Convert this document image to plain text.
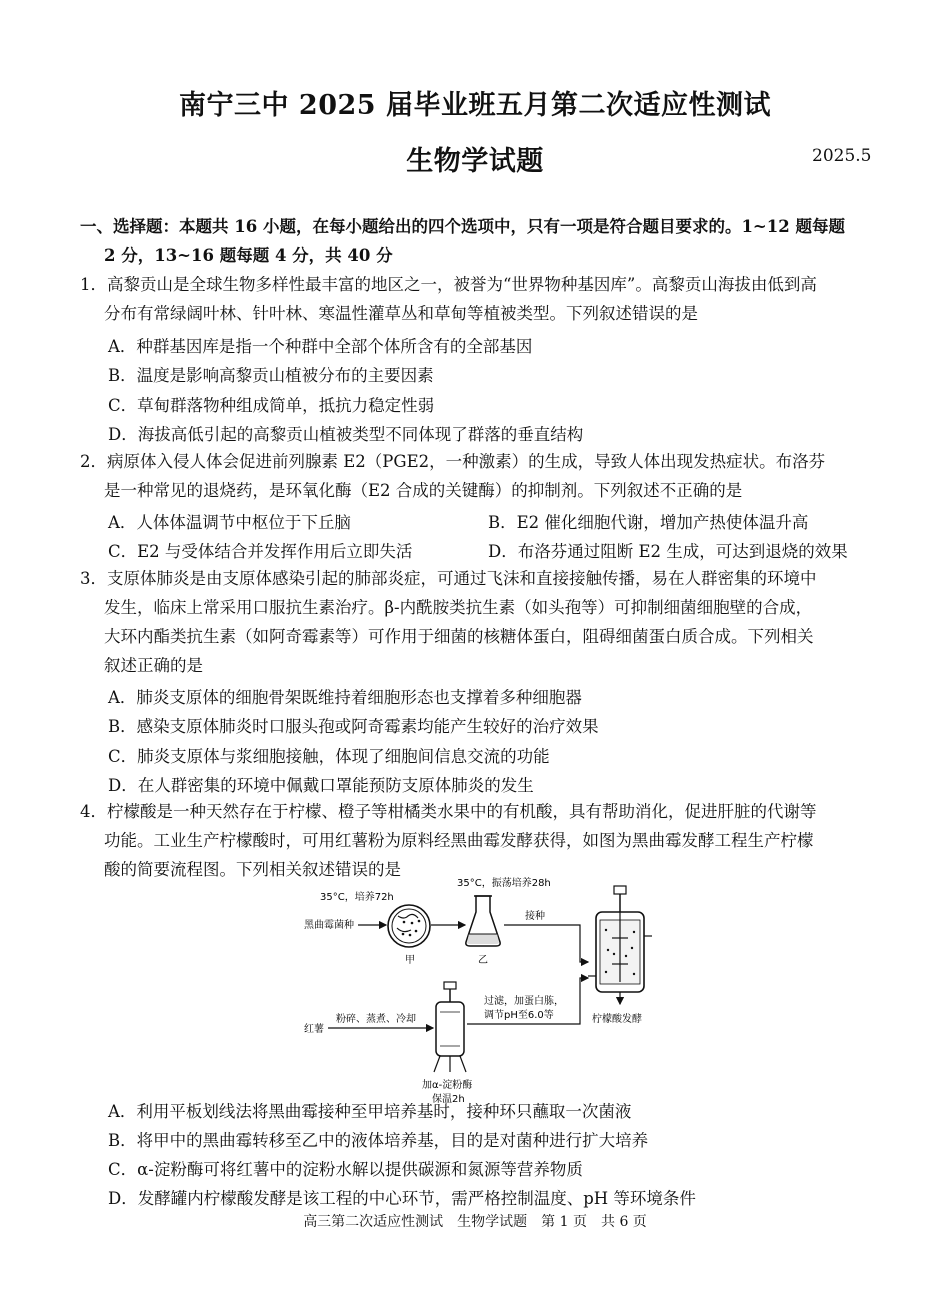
南宁三中 2025 届毕业班五月第二次适应性测试
生物学试题	2025.5
一、选择题：本题共 16 小题，在每小题给出的四个选项中，只有一项是符合题目要求的。1~12 题每题
2 分，13~16 题每题 4 分，共 40 分
1．高黎贡山是全球生物多样性最丰富的地区之一，被誉为“世界物种基因库”。高黎贡山海拔由低到高
分布有常绿阔叶林、针叶林、寒温性灌草丛和草甸等植被类型。下列叙述错误的是
A．种群基因库是指一个种群中全部个体所含有的全部基因
B．温度是影响高黎贡山植被分布的主要因素
C．草甸群落物种组成简单，抵抗力稳定性弱
D．海拔高低引起的高黎贡山植被类型不同体现了群落的垂直结构
2．病原体入侵人体会促进前列腺素 E2（PGE2，一种激素）的生成，导致人体出现发热症状。布洛芬
是一种常见的退烧药，是环氧化酶（E2 合成的关键酶）的抑制剂。下列叙述不正确的是
A．人体体温调节中枢位于下丘脑	B．E2 催化细胞代谢，增加产热使体温升高
C．E2 与受体结合并发挥作用后立即失活	D．布洛芬通过阻断 E2 生成，可达到退烧的效果
3．支原体肺炎是由支原体感染引起的肺部炎症，可通过飞沫和直接接触传播，易在人群密集的环境中
发生，临床上常采用口服抗生素治疗。β-内酰胺类抗生素（如头孢等）可抑制细菌细胞壁的合成，
大环内酯类抗生素（如阿奇霉素等）可作用于细菌的核糖体蛋白，阻碍细菌蛋白质合成。下列相关
叙述正确的是
A．肺炎支原体的细胞骨架既维持着细胞形态也支撑着多种细胞器
B．感染支原体肺炎时口服头孢或阿奇霉素均能产生较好的治疗效果
C．肺炎支原体与浆细胞接触，体现了细胞间信息交流的功能
D．在人群密集的环境中佩戴口罩能预防支原体肺炎的发生
4．柠檬酸是一种天然存在于柠檬、橙子等柑橘类水果中的有机酸，具有帮助消化，促进肝脏的代谢等
功能。工业生产柠檬酸时，可用红薯粉为原料经黑曲霉发酵获得，如图为黑曲霉发酵工程生产柠檬
酸的简要流程图。下列相关叙述错误的是
35°C，培养72h
35°C，振荡培养28h
黑曲霉菌种
甲	乙
接种
柠檬酸发酵
红薯
粉碎、蒸煮、冷却
加α-淀粉酶
保温2h
过滤，加蛋白胨，
调节pH至6.0等
A．利用平板划线法将黑曲霉接种至甲培养基时，接种环只蘸取一次菌液
B．将甲中的黑曲霉转移至乙中的液体培养基，目的是对菌种进行扩大培养
C．α-淀粉酶可将红薯中的淀粉水解以提供碳源和氮源等营养物质
D．发酵罐内柠檬酸发酵是该工程的中心环节，需严格控制温度、pH 等环境条件
高三第二次适应性测试　生物学试题　第 1 页　共 6 页
